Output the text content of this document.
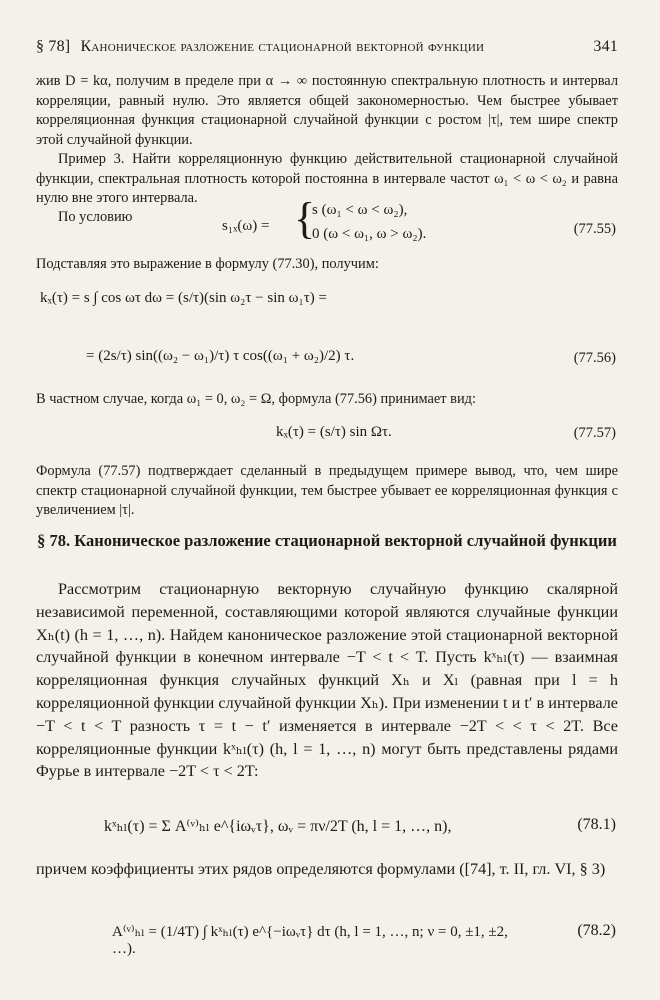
§ 78] Каноническое разложение стационарной векторной функции	341
жив D = kα, получим в пределе при α → ∞ постоянную спектральную плотность и интервал корреляции, равный нулю. Это является общей закономерностью. Чем быстрее убывает корреляционная функция стационарной случайной функции с ростом |τ|, тем шире спектр этой случайной функции.
Пример 3. Найти корреляционную функцию действительной стационарной случайной функции, спектральная плотность которой постоянна в интервале частот ω₁ < ω < ω₂ и равна нулю вне этого интервала.
По условию
s₁ₓ(ω) = {
s (ω₁ < ω < ω₂),
0 (ω < ω₁, ω > ω₂).	(77.55)
Подставляя это выражение в формулу (77.30), получим:
kₓ(τ) = s ∫ cos ωτ dω = (s/τ)(sin ω₂τ − sin ω₁τ) =
= (2s/τ) sin((ω₂ − ω₁)/τ) τ cos((ω₁ + ω₂)/2) τ.	(77.56)
В частном случае, когда ω₁ = 0, ω₂ = Ω, формула (77.56) принимает вид:
kₓ(τ) = (s/τ) sin Ωτ.	(77.57)
Формула (77.57) подтверждает сделанный в предыдущем примере вывод, что, чем шире спектр стационарной случайной функции, тем быстрее убывает ее корреляционная функция с увеличением |τ|.
§ 78. Каноническое разложение стационарной векторной случайной функции
Рассмотрим стационарную векторную случайную функцию скалярной независимой переменной, составляющими которой являются случайные функции Xₕ(t) (h = 1, …, n). Найдем каноническое разложение этой стационарной векторной случайной функции в конечном интервале −T < t < T. Пусть kˣₕₗ(τ) — взаимная корреляционная функция случайных функций Xₕ и Xₗ (равная при l = h корреляционной функции случайной функции Xₕ). При изменении t и t′ в интервале −T < t < T разность τ = t − t′ изменяется в интервале −2T < < τ < 2T. Все корреляционные функции kˣₕₗ(τ) (h, l = 1, …, n) могут быть представлены рядами Фурье в интервале −2T < τ < 2T:
kˣₕₗ(τ) = Σ A⁽ᵛ⁾ₕₗ e^{iωᵥτ}, ωᵥ = πν/2T (h, l = 1, …, n),	(78.1)
причем коэффициенты этих рядов определяются формулами ([74], т. II, гл. VI, § 3)
A⁽ᵛ⁾ₕₗ = (1/4T) ∫ kˣₕₗ(τ) e^{−iωᵥτ} dτ (h, l = 1, …, n; ν = 0, ±1, ±2, …).
(78.2)
